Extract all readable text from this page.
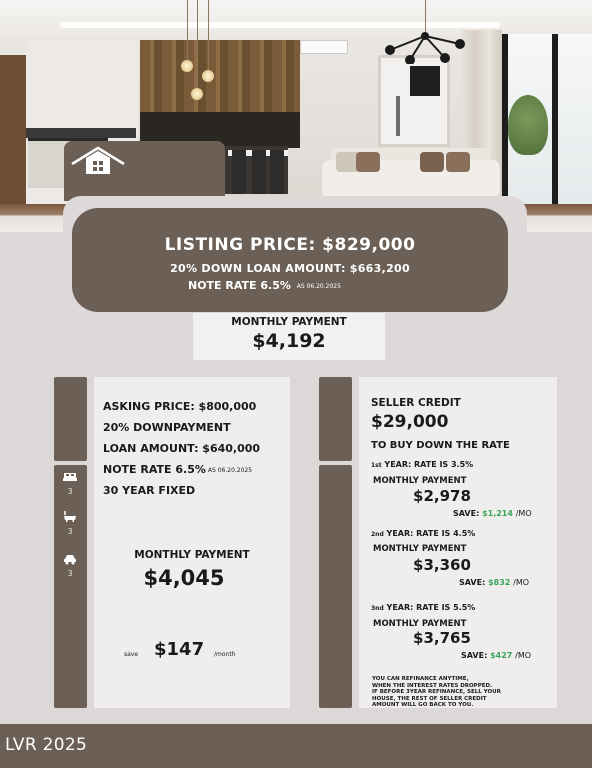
LISTING PRICE: $829,000
20% DOWN LOAN AMOUNT: $663,200
NOTE RATE 6.5% AS 06.20.2025
MONTHLY PAYMENT
$4,192
3
3
3
ASKING PRICE: $800,000
20% DOWNPAYMENT
LOAN AMOUNT: $640,000
NOTE RATE 6.5% AS 06.20.2025
30 YEAR FIXED
MONTHLY PAYMENT
$4,045
save $147 /month
SELLER CREDIT
$29,000
TO BUY DOWN THE RATE
1st YEAR: RATE IS 3.5%
MONTHLY PAYMENT
$2,978
SAVE: $1,214 /MO
2nd YEAR: RATE IS 4.5%
MONTHLY PAYMENT
$3,360
SAVE: $832 /MO
3nd YEAR: RATE IS 5.5%
MONTHLY PAYMENT
$3,765
SAVE: $427 /MO
YOU CAN REFINANCE ANYTIME,
WHEN THE INTEREST RATES DROPPED.
IF BEFORE 3YEAR REFINANCE, SELL YOUR
HOUSE, THE REST OF SELLER CREDIT
AMOUNT WILL GO BACK TO YOU.
LVR 2025
